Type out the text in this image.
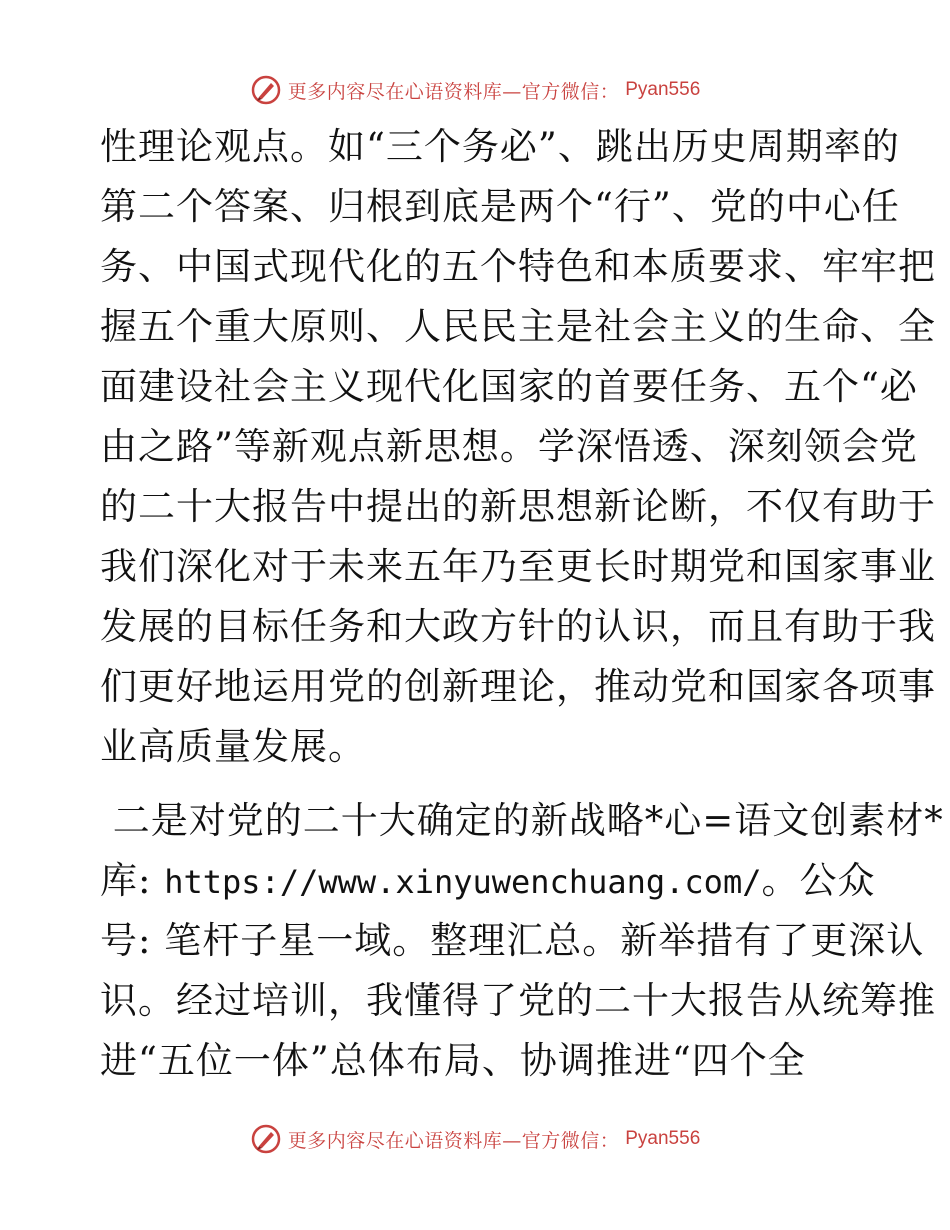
更多内容尽在心语资料库—官方微信： Pyan556
性理论观点。如“三个务必”、跳出历史周期率的
第二个答案、归根到底是两个“行”、党的中心任
务、中国式现代化的五个特色和本质要求、牢牢把
握五个重大原则、人民民主是社会主义的生命、全
面建设社会主义现代化国家的首要任务、五个“必
由之路”等新观点新思想。学深悟透、深刻领会党
的二十大报告中提出的新思想新论断，不仅有助于
我们深化对于未来五年乃至更长时期党和国家事业
发展的目标任务和大政方针的认识，而且有助于我
们更好地运用党的创新理论，推动党和国家各项事
业高质量发展。
二是对党的二十大确定的新战略*心=语文创素材*
库: https://www.xinyuwenchuang.com/。公众
号: 笔杆子星一域。整理汇总。新举措有了更深认
识。经过培训，我懂得了党的二十大报告从统筹推
进“五位一体”总体布局、协调推进“四个全
更多内容尽在心语资料库—官方微信： Pyan556
